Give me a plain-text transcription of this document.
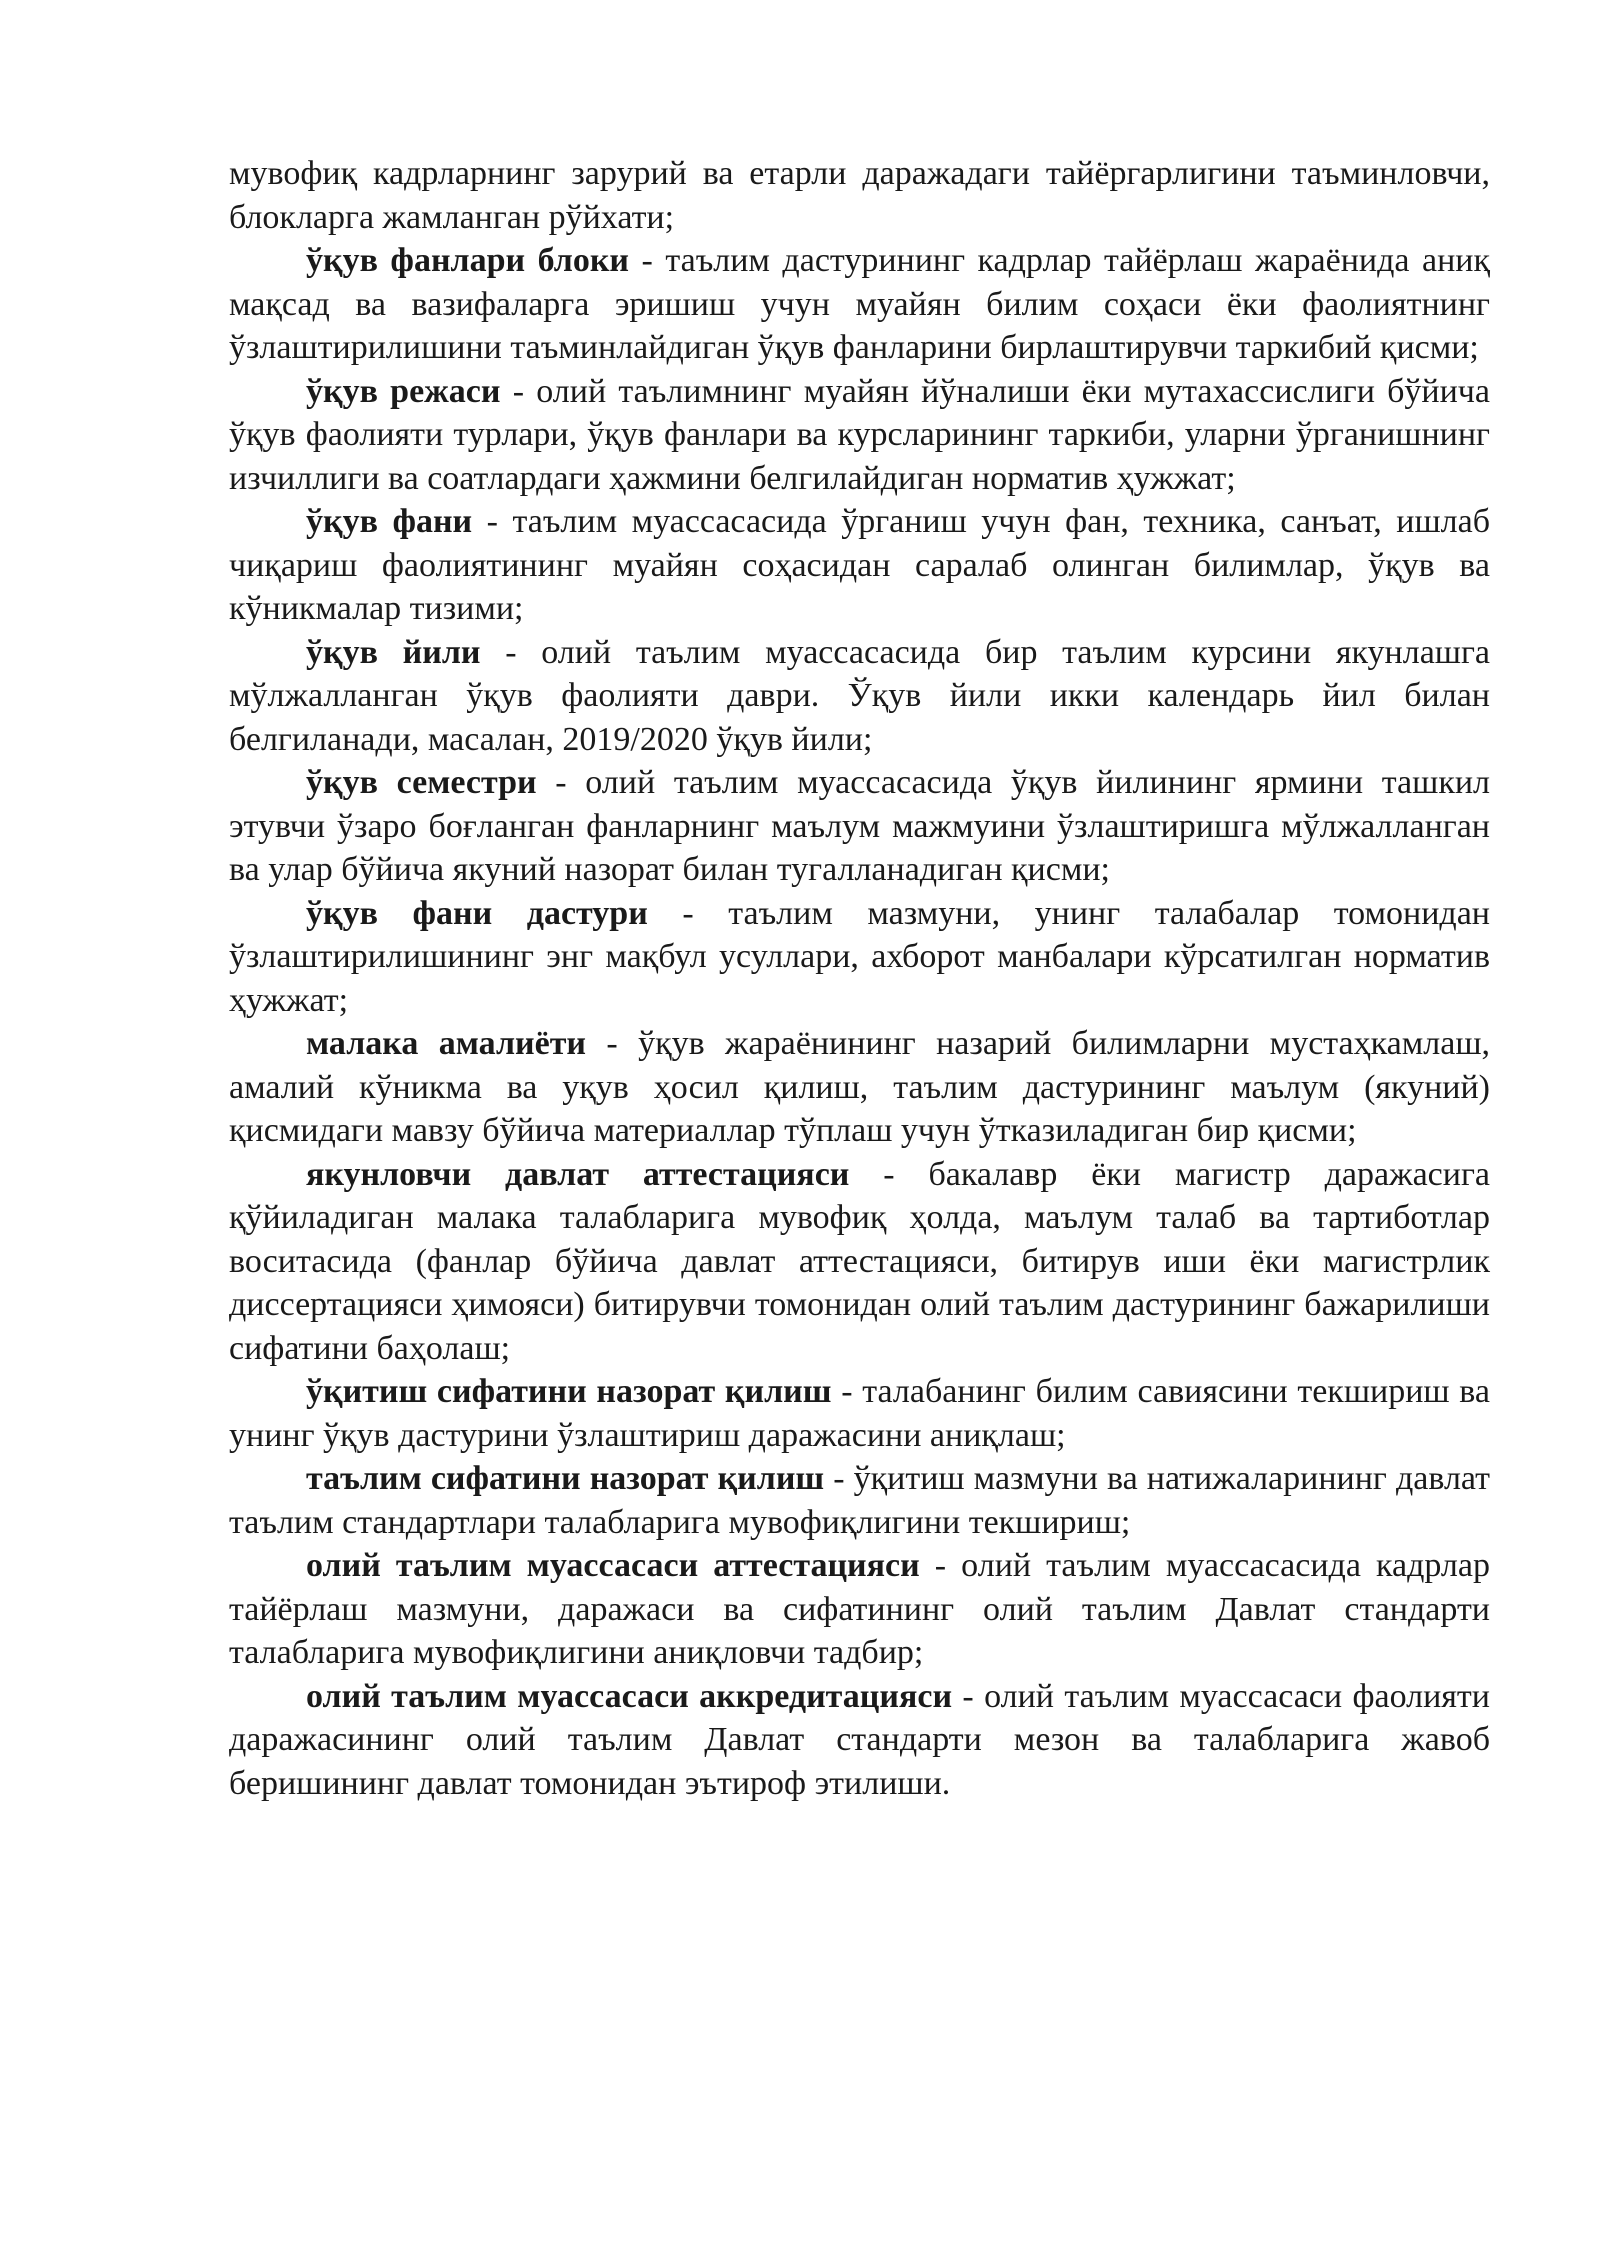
мувофиқ кадрларнинг зарурий ва етарли даражадаги тайёргарлигини таъминловчи, блокларга жамланган рўйхати;

ўқув фанлари блоки - таълим дастурининг кадрлар тайёрлаш жараёнида аниқ мақсад ва вазифаларга эришиш учун муайян билим соҳаси ёки фаолиятнинг ўзлаштирилишини таъминлайдиган ўқув фанларини бирлаштирувчи таркибий қисми;

ўқув режаси - олий таълимнинг муайян йўналиши ёки мутахассислиги бўйича ўқув фаолияти турлари, ўқув фанлари ва курсларининг таркиби, уларни ўрганишнинг изчиллиги ва соатлардаги ҳажмини белгилайдиган норматив ҳужжат;

ўқув фани - таълим муассасасида ўрганиш учун фан, техника, санъат, ишлаб чиқариш фаолиятининг муайян соҳасидан саралаб олинган билимлар, ўқув ва кўникмалар тизими;

ўқув йили - олий таълим муассасасида бир таълим курсини якунлашга мўлжалланган ўқув фаолияти даври. Ўқув йили икки календарь йил билан белгиланади, масалан, 2019/2020 ўқув йили;

ўқув семестри - олий таълим муассасасида ўқув йилининг ярмини ташкил этувчи ўзаро боғланган фанларнинг маълум мажмуини ўзлаштиришга мўлжалланган ва улар бўйича якуний назорат билан тугалланадиган қисми;

ўқув фани дастури - таълим мазмуни, унинг талабалар томонидан ўзлаштирилишининг энг мақбул усуллари, ахборот манбалари кўрсатилган норматив ҳужжат;

малака амалиёти - ўқув жараёнининг назарий билимларни мустаҳкамлаш, амалий кўникма ва уқув ҳосил қилиш, таълим дастурининг маълум (якуний) қисмидаги мавзу бўйича материаллар тўплаш учун ўтказиладиган бир қисми;

якунловчи давлат аттестацияси - бакалавр ёки магистр даражасига қўйиладиган малака талабларига мувофиқ ҳолда, маълум талаб ва тартиботлар воситасида (фанлар бўйича давлат аттестацияси, битирув иши ёки магистрлик диссертацияси ҳимояси) битирувчи томонидан олий таълим дастурининг бажарилиши сифатини баҳолаш;

ўқитиш сифатини назорат қилиш - талабанинг билим савиясини текшириш ва унинг ўқув дастурини ўзлаштириш даражасини аниқлаш;

таълим сифатини назорат қилиш - ўқитиш мазмуни ва натижаларининг давлат таълим стандартлари талабларига мувофиқлигини текшириш;

олий таълим муассасаси аттестацияси - олий таълим муассасасида кадрлар тайёрлаш мазмуни, даражаси ва сифатининг олий таълим Давлат стандарти талабларига мувофиқлигини аниқловчи тадбир;

олий таълим муассасаси аккредитацияси - олий таълим муассасаси фаолияти даражасининг олий таълим Давлат стандарти мезон ва талабларига жавоб беришининг давлат томонидан эътироф этилиши.
